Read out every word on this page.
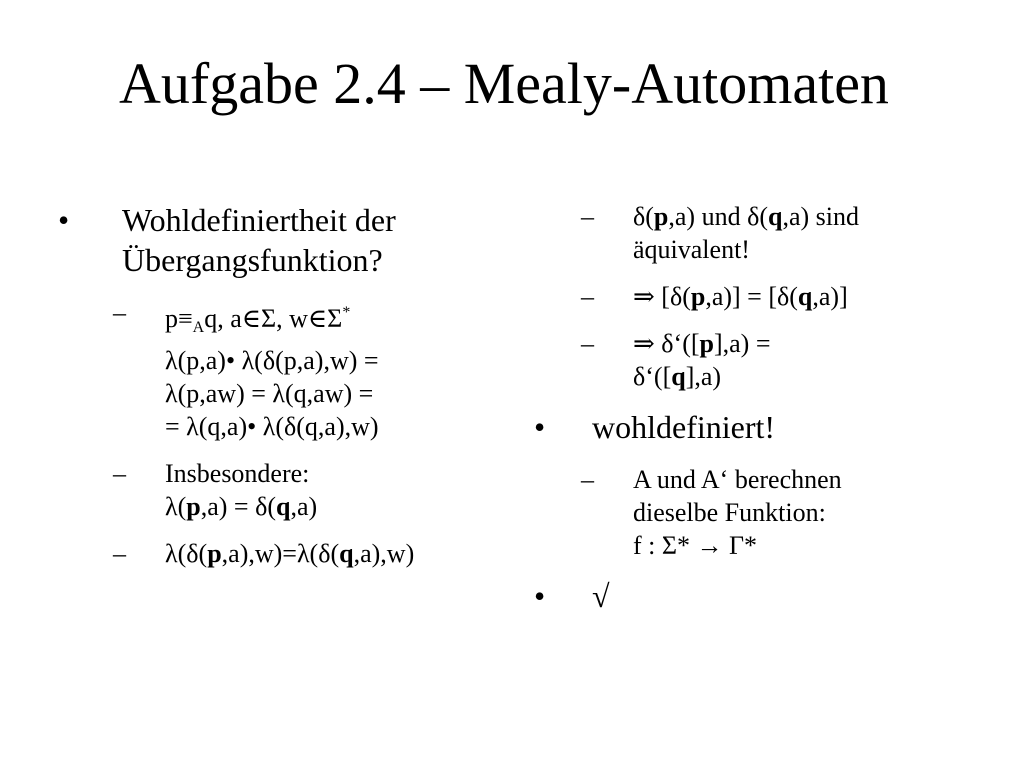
Aufgabe 2.4 – Mealy-Automaten
• Wohldefiniertheit der
Übergangsfunktion?
– $p\equiv_Aq$, a∈Σ, w∈Σ*
λ(p,a)• λ(δ(p,a),w) =
λ(p,aw) = λ(q,aw) =
= λ(q,a)• λ(δ(q,a),w)
– Insbesondere:
λ(p,a) = δ(q,a)
– λ(δ(p,a),w)=λ(δ(q,a),w)
– δ(p,a) und δ(q,a) sind
äquivalent!
– ⇒ [δ(p,a)] = [δ(q,a)]
– ⇒ δ‘([p],a) =
δ‘([q],a)
• wohldefiniert!
– A und A‘ berechnen
dieselbe Funktion:
f : Σ* → Γ*
• √
